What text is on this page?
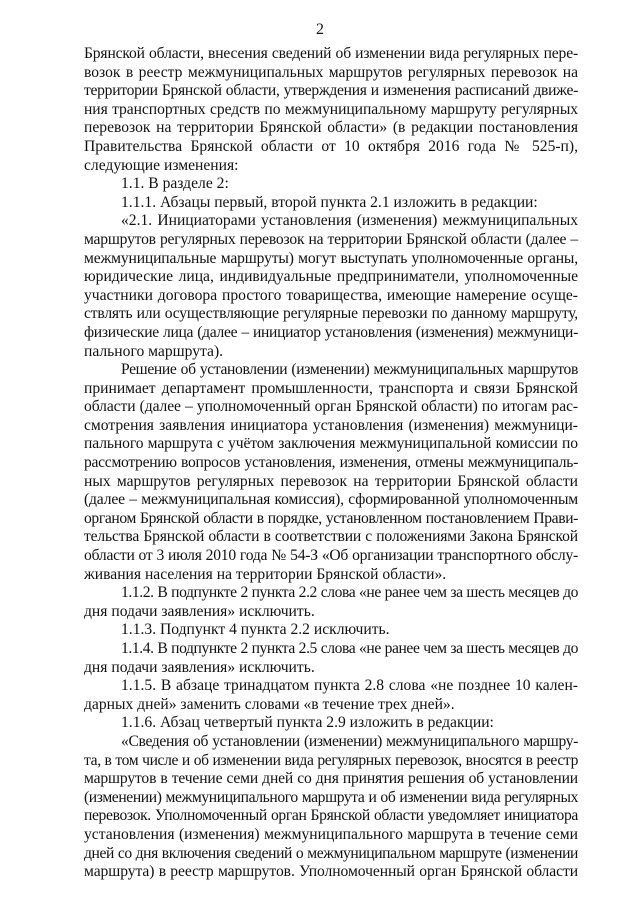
2
Брянской области, внесения сведений об изменении вида регулярных пере-
возок в реестр межмуниципальных маршрутов регулярных перевозок на
территории Брянской области, утверждения и изменения расписаний движе-
ния транспортных средств по межмуниципальному маршруту регулярных
перевозок на территории Брянской области» (в редакции постановления
Правительства Брянской области от 10 октября 2016 года № 525-п),
следующие изменения:
1.1. В разделе 2:
1.1.1. Абзацы первый, второй пункта 2.1 изложить в редакции:
«2.1. Инициаторами установления (изменения) межмуниципальных
маршрутов регулярных перевозок на территории Брянской области (далее –
межмуниципальные маршруты) могут выступать уполномоченные органы,
юридические лица, индивидуальные предприниматели, уполномоченные
участники договора простого товарищества, имеющие намерение осуще-
ствлять или осуществляющие регулярные перевозки по данному маршруту,
физические лица (далее – инициатор установления (изменения) межмуници-
пального маршрута).
Решение об установлении (изменении) межмуниципальных маршрутов
принимает департамент промышленности, транспорта и связи Брянской
области (далее – уполномоченный орган Брянской области) по итогам рас-
смотрения заявления инициатора установления (изменения) межмуници-
пального маршрута с учётом заключения межмуниципальной комиссии по
рассмотрению вопросов установления, изменения, отмены межмуниципаль-
ных маршрутов регулярных перевозок на территории Брянской области
(далее – межмуниципальная комиссия), сформированной уполномоченным
органом Брянской области в порядке, установленном постановлением Прави-
тельства Брянской области в соответствии с положениями Закона Брянской
области от 3 июля 2010 года № 54-З «Об организации транспортного обслу-
живания населения на территории Брянской области».
1.1.2. В подпункте 2 пункта 2.2 слова «не ранее чем за шесть месяцев до
дня подачи заявления» исключить.
1.1.3. Подпункт 4 пункта 2.2 исключить.
1.1.4. В подпункте 2 пункта 2.5 слова «не ранее чем за шесть месяцев до
дня подачи заявления» исключить.
1.1.5. В абзаце тринадцатом пункта 2.8 слова «не позднее 10 кален-
дарных дней» заменить словами «в течение трех дней».
1.1.6. Абзац четвертый пункта 2.9 изложить в редакции:
«Сведения об установлении (изменении) межмуниципального маршру-
та, в том числе и об изменении вида регулярных перевозок, вносятся в реестр
маршрутов в течение семи дней со дня принятия решения об установлении
(изменении) межмуниципального маршрута и об изменении вида регулярных
перевозок. Уполномоченный орган Брянской области уведомляет инициатора
установления (изменения) межмуниципального маршрута в течение семи
дней со дня включения сведений о межмуниципальном маршруте (изменении
маршрута) в реестр маршрутов. Уполномоченный орган Брянской области
